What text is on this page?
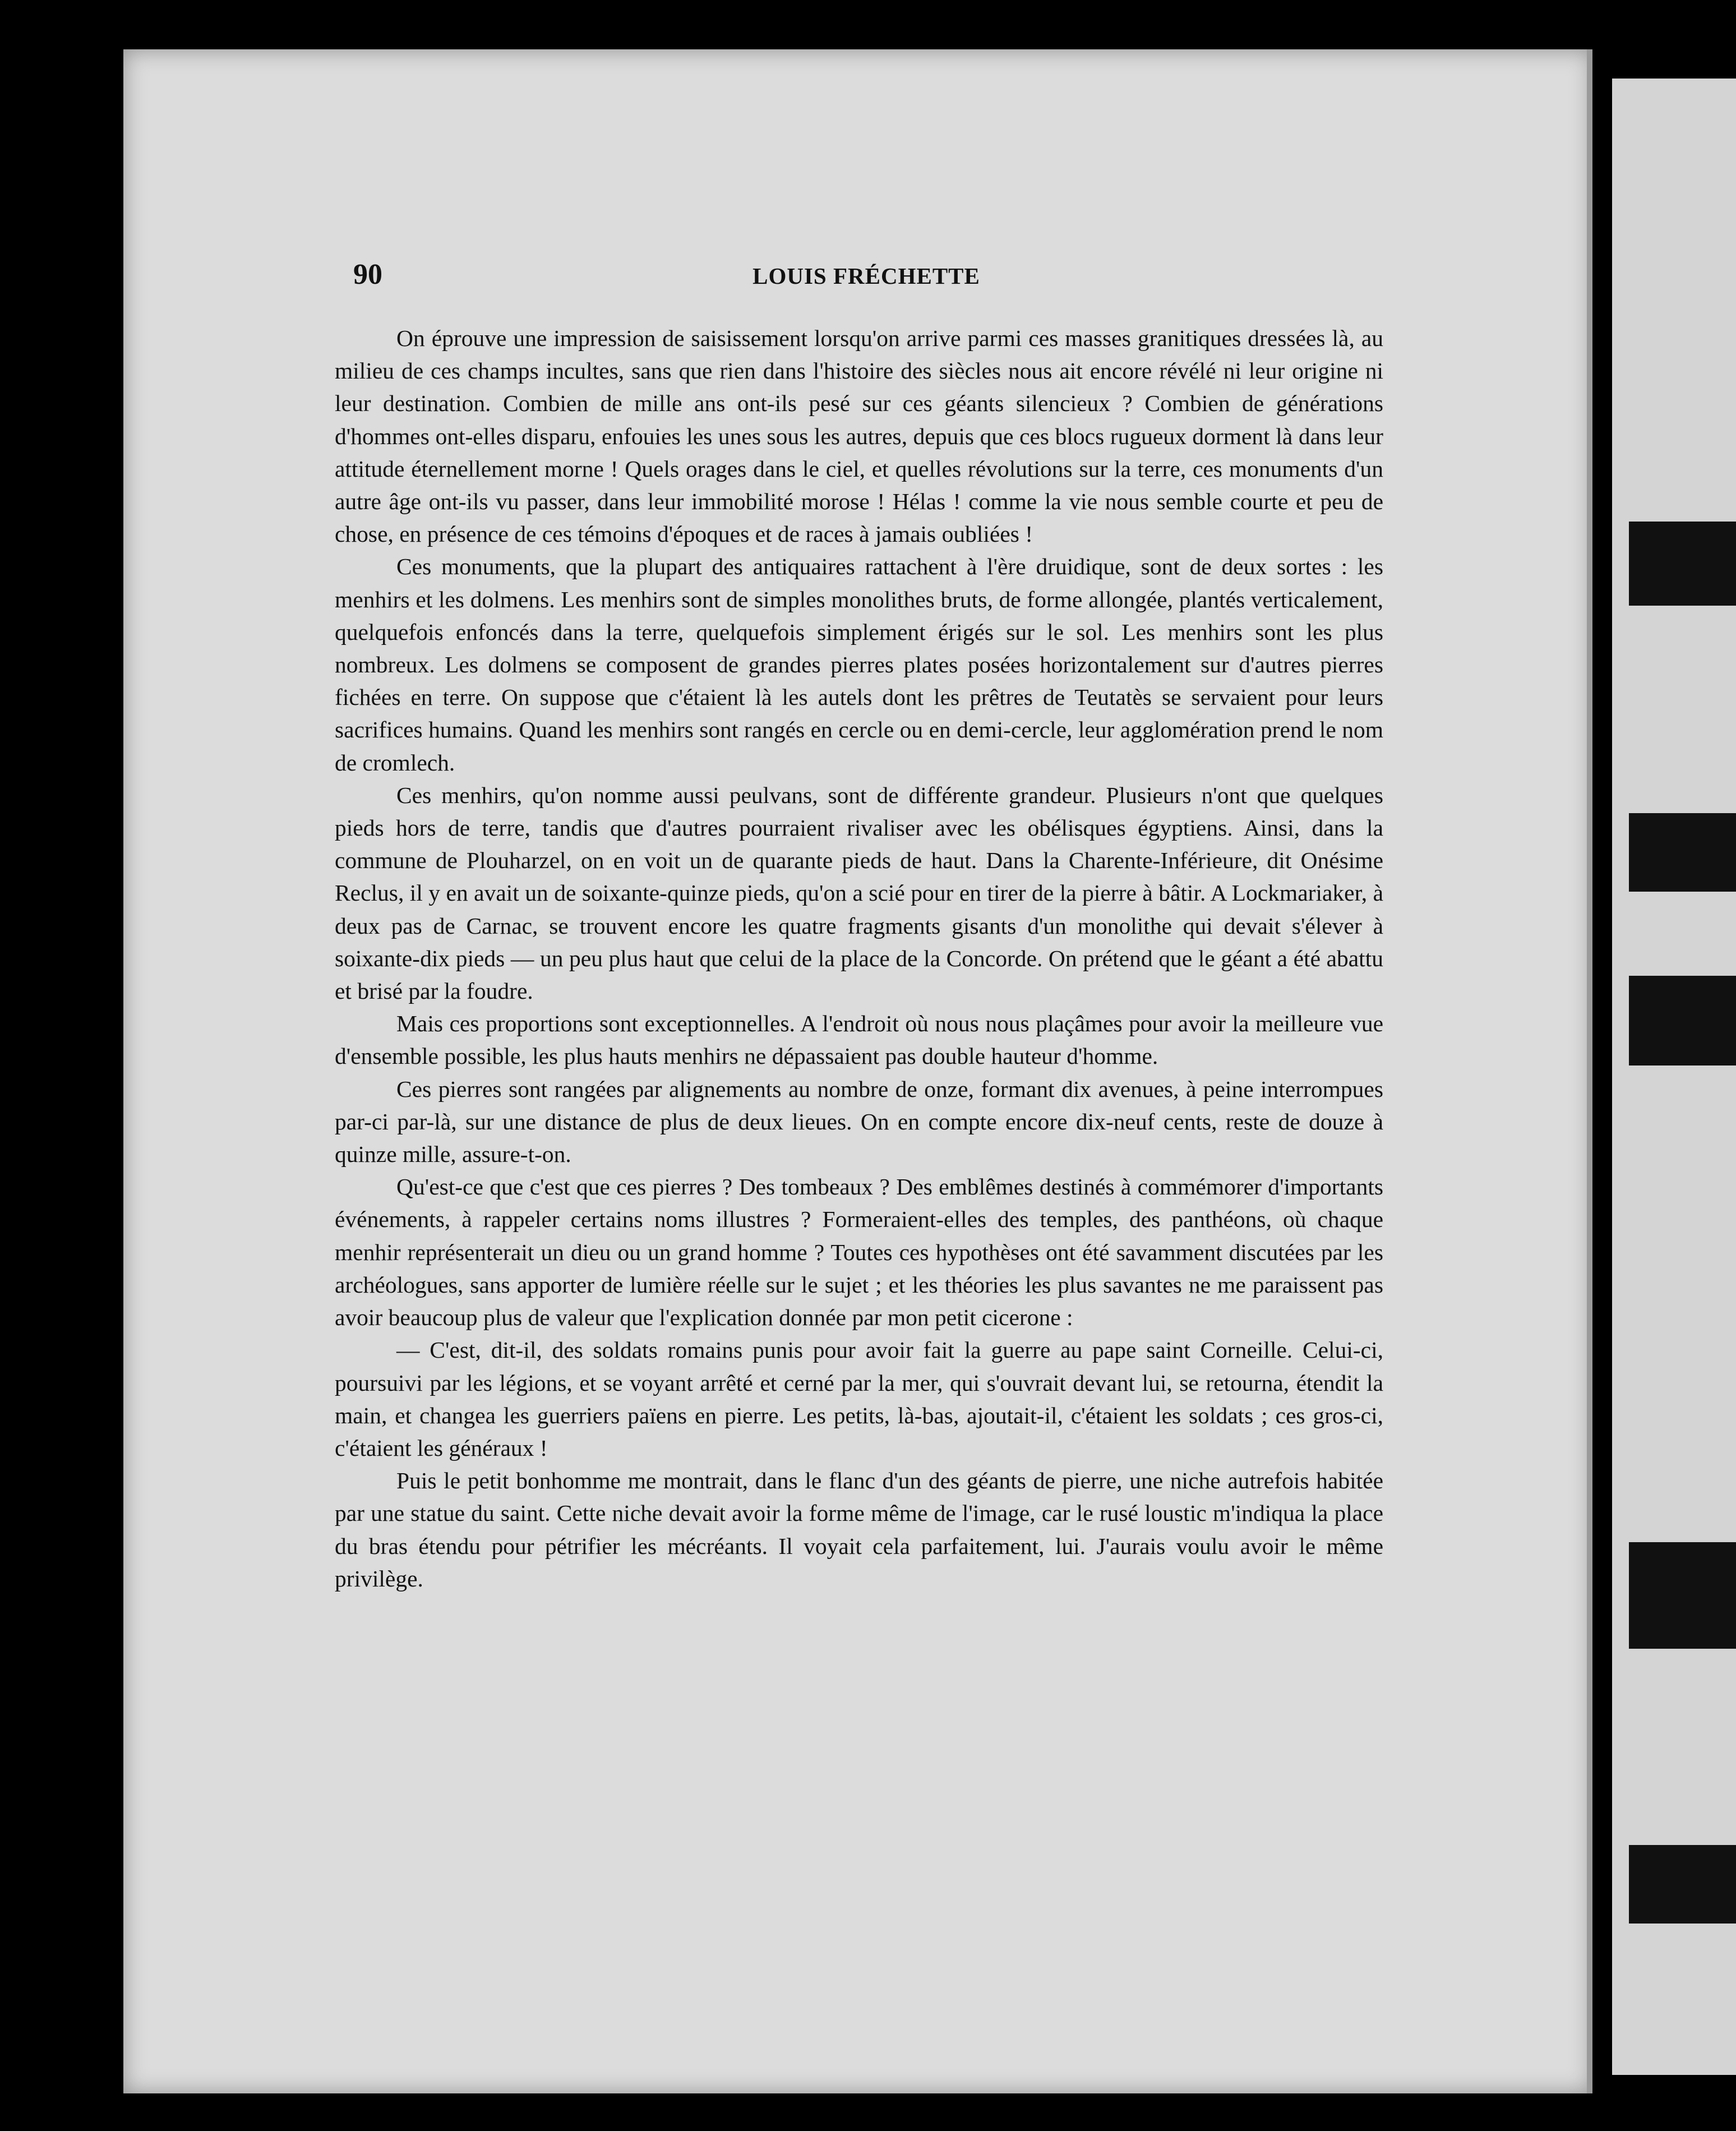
90	LOUIS FRÉCHETTE

On éprouve une impression de saisissement lorsqu'on arrive parmi ces masses granitiques dressées là, au milieu de ces champs incultes, sans que rien dans l'histoire des siècles nous ait encore révélé ni leur origine ni leur destination. Combien de mille ans ont-ils pesé sur ces géants silencieux ? Combien de générations d'hommes ont-elles disparu, enfouies les unes sous les autres, depuis que ces blocs rugueux dorment là dans leur attitude éternellement morne ! Quels orages dans le ciel, et quelles révolutions sur la terre, ces monuments d'un autre âge ont-ils vu passer, dans leur immobilité morose ! Hélas ! comme la vie nous semble courte et peu de chose, en présence de ces témoins d'époques et de races à jamais oubliées !

Ces monuments, que la plupart des antiquaires rattachent à l'ère druidique, sont de deux sortes : les menhirs et les dolmens. Les menhirs sont de simples monolithes bruts, de forme allongée, plantés verticalement, quelquefois enfoncés dans la terre, quelquefois simplement érigés sur le sol. Les menhirs sont les plus nombreux. Les dolmens se composent de grandes pierres plates posées horizontalement sur d'autres pierres fichées en terre. On suppose que c'étaient là les autels dont les prêtres de Teutatès se servaient pour leurs sacrifices humains. Quand les menhirs sont rangés en cercle ou en demi-cercle, leur agglomération prend le nom de cromlech.

Ces menhirs, qu'on nomme aussi peulvans, sont de différente grandeur. Plusieurs n'ont que quelques pieds hors de terre, tandis que d'autres pourraient rivaliser avec les obélisques égyptiens. Ainsi, dans la commune de Plouharzel, on en voit un de quarante pieds de haut. Dans la Charente-Inférieure, dit Onésime Reclus, il y en avait un de soixante-quinze pieds, qu'on a scié pour en tirer de la pierre à bâtir. A Lockmariaker, à deux pas de Carnac, se trouvent encore les quatre fragments gisants d'un monolithe qui devait s'élever à soixante-dix pieds — un peu plus haut que celui de la place de la Concorde. On prétend que le géant a été abattu et brisé par la foudre.

Mais ces proportions sont exceptionnelles. A l'endroit où nous nous plaçâmes pour avoir la meilleure vue d'ensemble possible, les plus hauts menhirs ne dépassaient pas double hauteur d'homme.

Ces pierres sont rangées par alignements au nombre de onze, formant dix avenues, à peine interrompues par-ci par-là, sur une distance de plus de deux lieues. On en compte encore dix-neuf cents, reste de douze à quinze mille, assure-t-on.

Qu'est-ce que c'est que ces pierres ? Des tombeaux ? Des emblêmes destinés à commémorer d'importants événements, à rappeler certains noms illustres ? Formeraient-elles des temples, des panthéons, où chaque menhir représenterait un dieu ou un grand homme ? Toutes ces hypothèses ont été savamment discutées par les archéologues, sans apporter de lumière réelle sur le sujet ; et les théories les plus savantes ne me paraissent pas avoir beaucoup plus de valeur que l'explication donnée par mon petit cicerone :

— C'est, dit-il, des soldats romains punis pour avoir fait la guerre au pape saint Corneille. Celui-ci, poursuivi par les légions, et se voyant arrêté et cerné par la mer, qui s'ouvrait devant lui, se retourna, étendit la main, et changea les guerriers païens en pierre. Les petits, là-bas, ajoutait-il, c'étaient les soldats ; ces gros-ci, c'étaient les généraux !

Puis le petit bonhomme me montrait, dans le flanc d'un des géants de pierre, une niche autrefois habitée par une statue du saint. Cette niche devait avoir la forme même de l'image, car le rusé loustic m'indiqua la place du bras étendu pour pétrifier les mécréants. Il voyait cela parfaitement, lui. J'aurais voulu avoir le même privilège.
